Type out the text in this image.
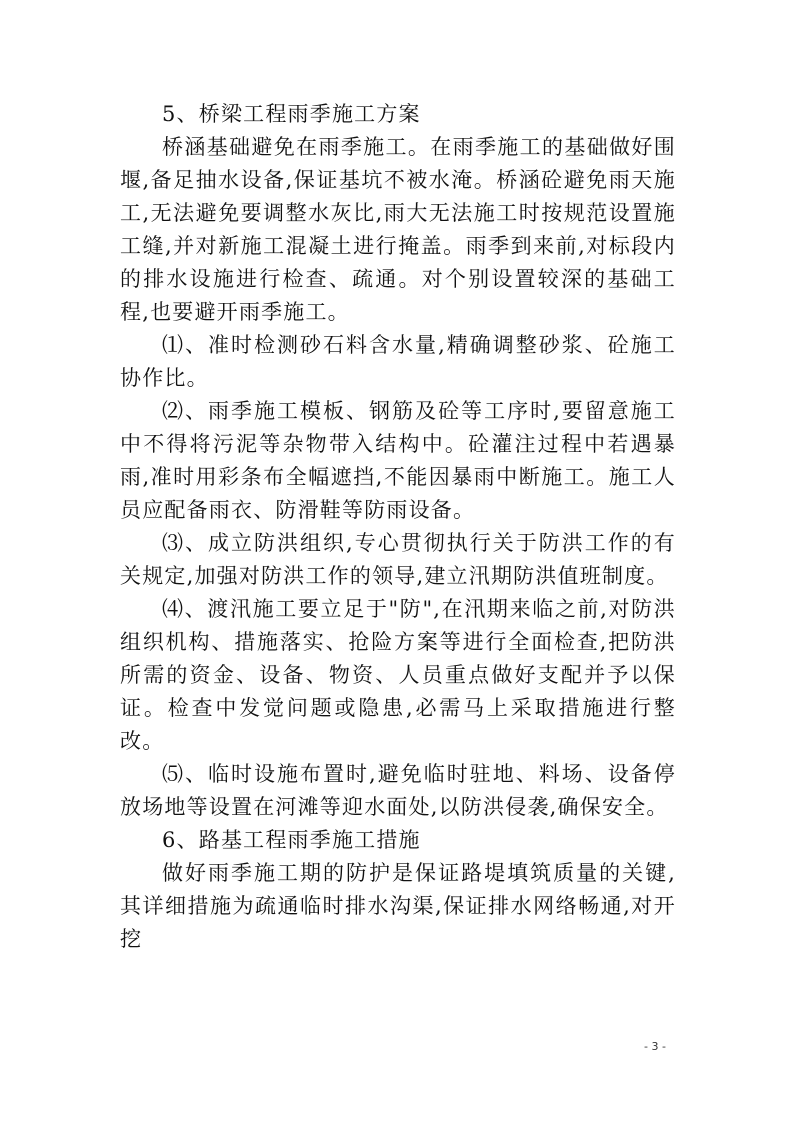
5、桥梁工程雨季施工方案

桥涵基础避免在雨季施工。在雨季施工的基础做好围堰,备足抽水设备,保证基坑不被水淹。桥涵砼避免雨天施工,无法避免要调整水灰比,雨大无法施工时按规范设置施工缝,并对新施工混凝土进行掩盖。雨季到来前,对标段内的排水设施进行检查、疏通。对个别设置较深的基础工程,也要避开雨季施工。

⑴、准时检测砂石料含水量,精确调整砂浆、砼施工协作比。

⑵、雨季施工模板、钢筋及砼等工序时,要留意施工中不得将污泥等杂物带入结构中。砼灌注过程中若遇暴雨,准时用彩条布全幅遮挡,不能因暴雨中断施工。施工人员应配备雨衣、防滑鞋等防雨设备。

⑶、成立防洪组织,专心贯彻执行关于防洪工作的有关规定,加强对防洪工作的领导,建立汛期防洪值班制度。

⑷、渡汛施工要立足于"防",在汛期来临之前,对防洪组织机构、措施落实、抢险方案等进行全面检查,把防洪所需的资金、设备、物资、人员重点做好支配并予以保证。检查中发觉问题或隐患,必需马上采取措施进行整改。

⑸、临时设施布置时,避免临时驻地、料场、设备停放场地等设置在河滩等迎水面处,以防洪侵袭,确保安全。

6、路基工程雨季施工措施

做好雨季施工期的防护是保证路堤填筑质量的关键,其详细措施为疏通临时排水沟渠,保证排水网络畅通,对开挖

- 3 -
